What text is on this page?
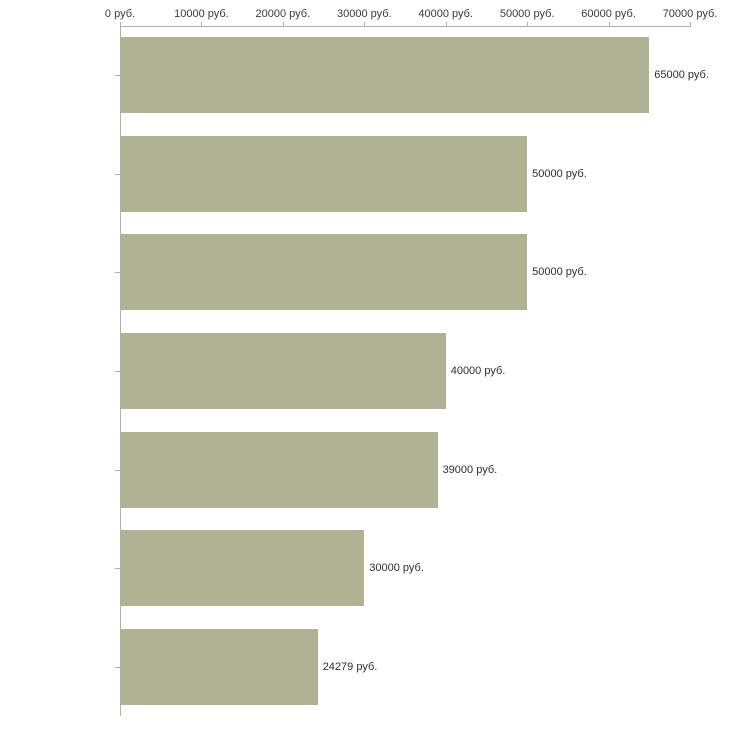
0 руб.	10000 руб. 20000 руб. 30000 руб. 40000 руб. 50000 руб. 60000 руб. 70000 руб.
65000 руб.
50000 руб.
50000 руб.
40000 руб.
39000 руб.
30000 руб.
24279 руб.
